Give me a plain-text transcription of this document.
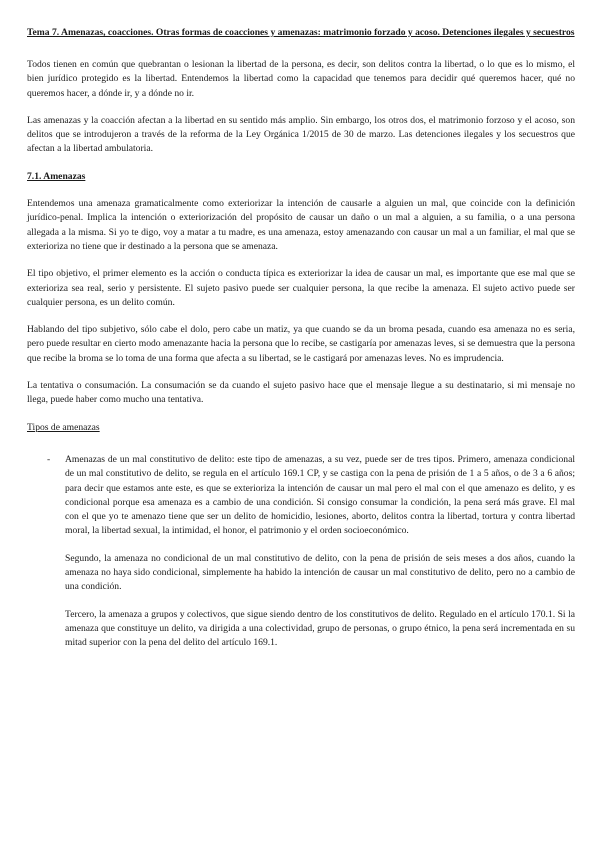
Tema 7. Amenazas, coacciones. Otras formas de coacciones y amenazas: matrimonio forzado y acoso. Detenciones ilegales y secuestros

Todos tienen en común que quebrantan o lesionan la libertad de la persona, es decir, son delitos contra la libertad, o lo que es lo mismo, el bien jurídico protegido es la libertad. Entendemos la libertad como la capacidad que tenemos para decidir qué queremos hacer, qué no queremos hacer, a dónde ir, y a dónde no ir.

Las amenazas y la coacción afectan a la libertad en su sentido más amplio. Sin embargo, los otros dos, el matrimonio forzoso y el acoso, son delitos que se introdujeron a través de la reforma de la Ley Orgánica 1/2015 de 30 de marzo. Las detenciones ilegales y los secuestros que afectan a la libertad ambulatoria.

7.1. Amenazas

Entendemos una amenaza gramaticalmente como exteriorizar la intención de causarle a alguien un mal, que coincide con la definición jurídico-penal. Implica la intención o exteriorización del propósito de causar un daño o un mal a alguien, a su familia, o a una persona allegada a la misma. Si yo te digo, voy a matar a tu madre, es una amenaza, estoy amenazando con causar un mal a un familiar, el mal que se exterioriza no tiene que ir destinado a la persona que se amenaza.

El tipo objetivo, el primer elemento es la acción o conducta típica es exteriorizar la idea de causar un mal, es importante que ese mal que se exterioriza sea real, serio y persistente. El sujeto pasivo puede ser cualquier persona, la que recibe la amenaza. El sujeto activo puede ser cualquier persona, es un delito común.

Hablando del tipo subjetivo, sólo cabe el dolo, pero cabe un matiz, ya que cuando se da un broma pesada, cuando esa amenaza no es seria, pero puede resultar en cierto modo amenazante hacia la persona que lo recibe, se castigaría por amenazas leves, si se demuestra que la persona que recibe la broma se lo toma de una forma que afecta a su libertad, se le castigará por amenazas leves. No es imprudencia.

La tentativa o consumación. La consumación se da cuando el sujeto pasivo hace que el mensaje llegue a su destinatario, si mi mensaje no llega, puede haber como mucho una tentativa.

Tipos de amenazas
- Amenazas de un mal constitutivo de delito: este tipo de amenazas, a su vez, puede ser de tres tipos. Primero, amenaza condicional de un mal constitutivo de delito, se regula en el artículo 169.1 CP, y se castiga con la pena de prisión de 1 a 5 años, o de 3 a 6 años; para decir que estamos ante este, es que se exterioriza la intención de causar un mal pero el mal con el que amenazo es delito, y es condicional porque esa amenaza es a cambio de una condición. Si consigo consumar la condición, la pena será más grave. El mal con el que yo te amenazo tiene que ser un delito de homicidio, lesiones, aborto, delitos contra la libertad, tortura y contra libertad moral, la libertad sexual, la intimidad, el honor, el patrimonio y el orden socioeconómico.

Segundo, la amenaza no condicional de un mal constitutivo de delito, con la pena de prisión de seis meses a dos años, cuando la amenaza no haya sido condicional, simplemente ha habido la intención de causar un mal constitutivo de delito, pero no a cambio de una condición.

Tercero, la amenaza a grupos y colectivos, que sigue siendo dentro de los constitutivos de delito. Regulado en el artículo 170.1. Si la amenaza que constituye un delito, va dirigida a una colectividad, grupo de personas, o grupo étnico, la pena será incrementada en su mitad superior con la pena del delito del artículo 169.1.
